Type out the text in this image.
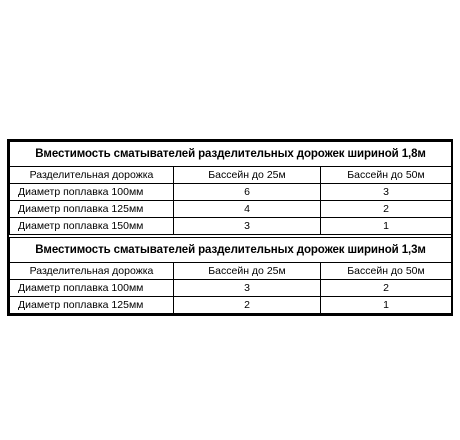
Вместимость сматывателей разделительных дорожек шириной 1,8м		
Разделительная дорожка	Бассейн до 25м	Бассейн до 50м
Диаметр поплавка 100мм	6	3
Диаметр поплавка 125мм	4	2
Диаметр поплавка 150мм	3	1

Вместимость сматывателей разделительных дорожек шириной 1,3м		
Разделительная дорожка	Бассейн до 25м	Бассейн до 50м
Диаметр поплавка 100мм	3	2
Диаметр поплавка 125мм	2	1
